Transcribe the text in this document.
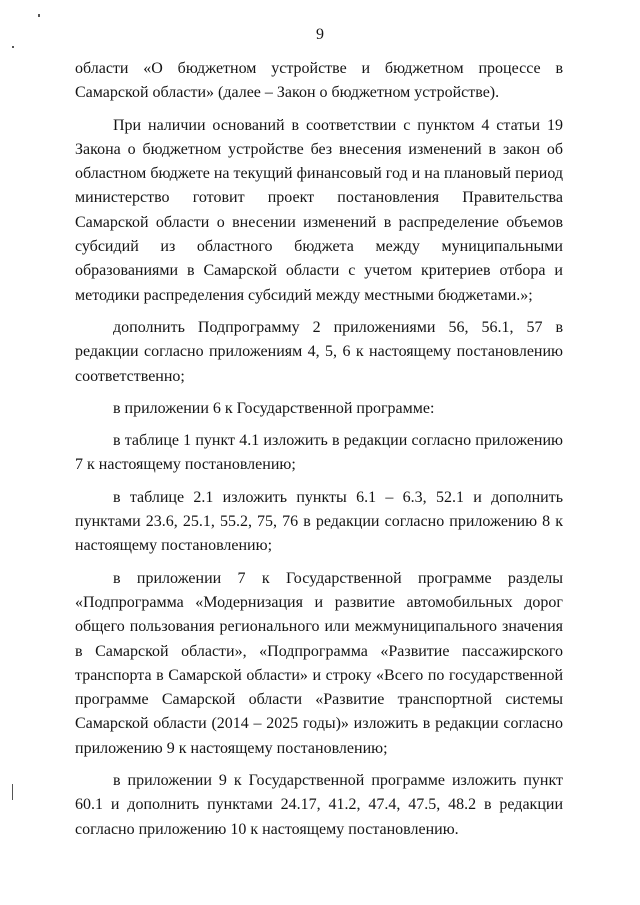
9

области «О бюджетном устройстве и бюджетном процессе в Самарской области» (далее – Закон о бюджетном устройстве).

При наличии оснований в соответствии с пунктом 4 статьи 19 Закона о бюджетном устройстве без внесения изменений в закон об областном бюджете на текущий финансовый год и на плановый период министерство готовит проект постановления Правительства Самарской области о внесении изменений в распределение объемов субсидий из областного бюджета между муниципальными образованиями в Самарской области с учетом критериев отбора и методики распределения субсидий между местными бюджетами.»;

дополнить Подпрограмму 2 приложениями 56, 56.1, 57 в редакции согласно приложениям 4, 5, 6 к настоящему постановлению соответственно;

в приложении 6 к Государственной программе:

в таблице 1 пункт 4.1 изложить в редакции согласно приложению 7 к настоящему постановлению;

в таблице 2.1 изложить пункты 6.1 – 6.3, 52.1 и дополнить пунктами 23.6, 25.1, 55.2, 75, 76 в редакции согласно приложению 8 к настоящему постановлению;

в приложении 7 к Государственной программе разделы «Подпрограмма «Модернизация и развитие автомобильных дорог общего пользования регионального или межмуниципального значения в Самарской области», «Подпрограмма «Развитие пассажирского транспорта в Самарской области» и строку «Всего по государственной программе Самарской области «Развитие транспортной системы Самарской области (2014 – 2025 годы)» изложить в редакции согласно приложению 9 к настоящему постановлению;

в приложении 9 к Государственной программе изложить пункт 60.1 и дополнить пунктами 24.17, 41.2, 47.4, 47.5, 48.2 в редакции согласно приложению 10 к настоящему постановлению.
